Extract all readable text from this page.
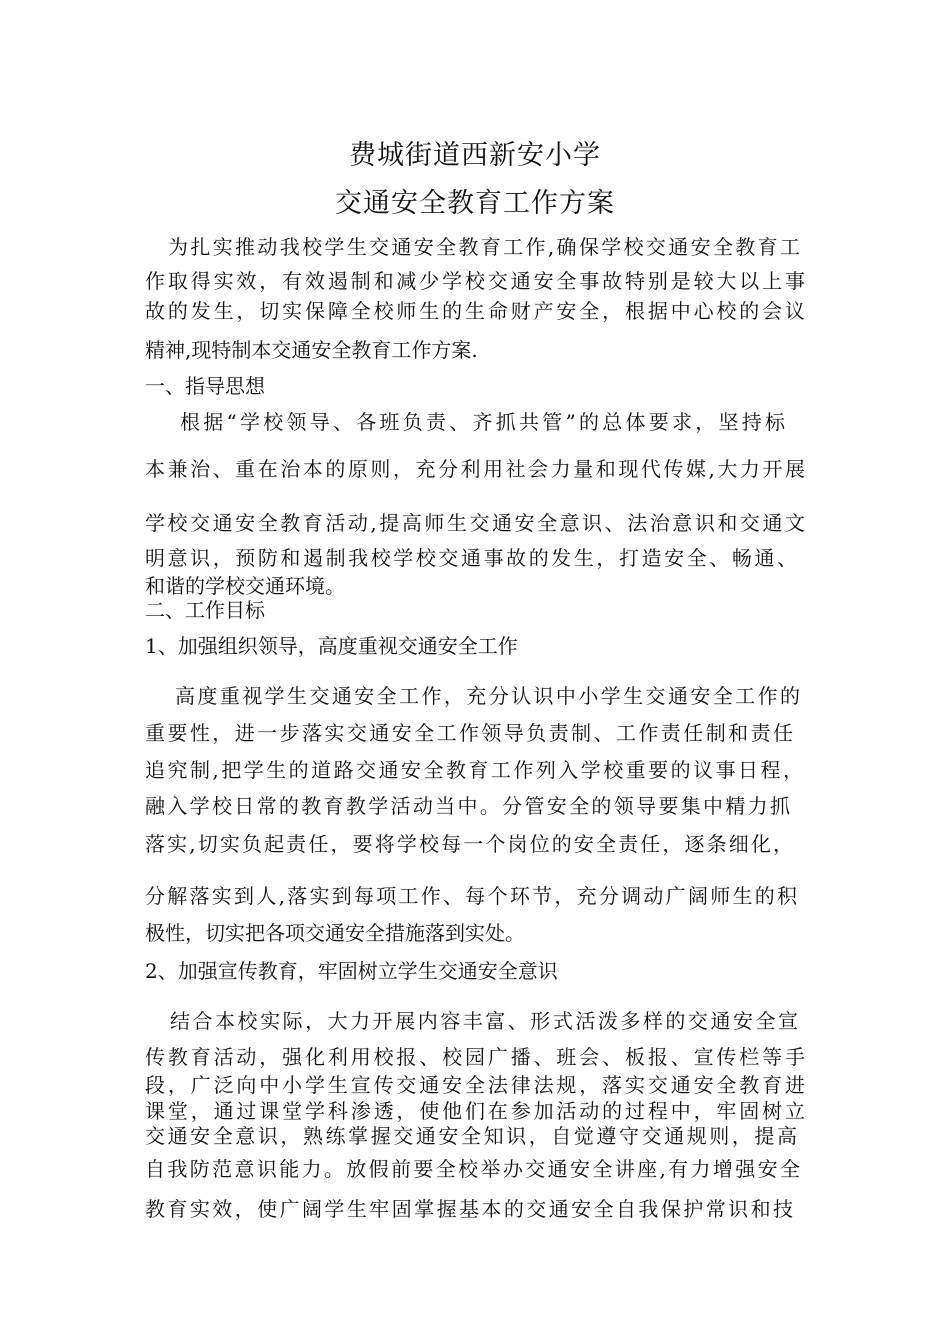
费城街道西新安小学
交通安全教育工作方案
为扎实推动我校学生交通安全教育工作,确保学校交通安全教育工
作取得实效，有效遏制和减少学校交通安全事故特别是较大以上事
故的发生，切实保障全校师生的生命财产安全，根据中心校的会议
精神,现特制本交通安全教育工作方案.
一、指导思想
根据“学校领导、各班负责、齐抓共管”的总体要求，坚持标
本兼治、重在治本的原则，充分利用社会力量和现代传媒,大力开展
学校交通安全教育活动,提高师生交通安全意识、法治意识和交通文
明意识，预防和遏制我校学校交通事故的发生，打造安全、畅通、
和谐的学校交通环境。
二、工作目标
1、加强组织领导，高度重视交通安全工作
高度重视学生交通安全工作，充分认识中小学生交通安全工作的
重要性，进一步落实交通安全工作领导负责制、工作责任制和责任
追究制,把学生的道路交通安全教育工作列入学校重要的议事日程，
融入学校日常的教育教学活动当中。分管安全的领导要集中精力抓
落实,切实负起责任，要将学校每一个岗位的安全责任，逐条细化，
分解落实到人,落实到每项工作、每个环节，充分调动广阔师生的积
极性，切实把各项交通安全措施落到实处。
2、加强宣传教育，牢固树立学生交通安全意识
结合本校实际，大力开展内容丰富、形式活泼多样的交通安全宣
传教育活动，强化利用校报、校园广播、班会、板报、宣传栏等手
段，广泛向中小学生宣传交通安全法律法规，落实交通安全教育进
课堂，通过课堂学科渗透，使他们在参加活动的过程中，牢固树立
交通安全意识，熟练掌握交通安全知识，自觉遵守交通规则，提高
自我防范意识能力。放假前要全校举办交通安全讲座,有力增强安全
教育实效，使广阔学生牢固掌握基本的交通安全自我保护常识和技
